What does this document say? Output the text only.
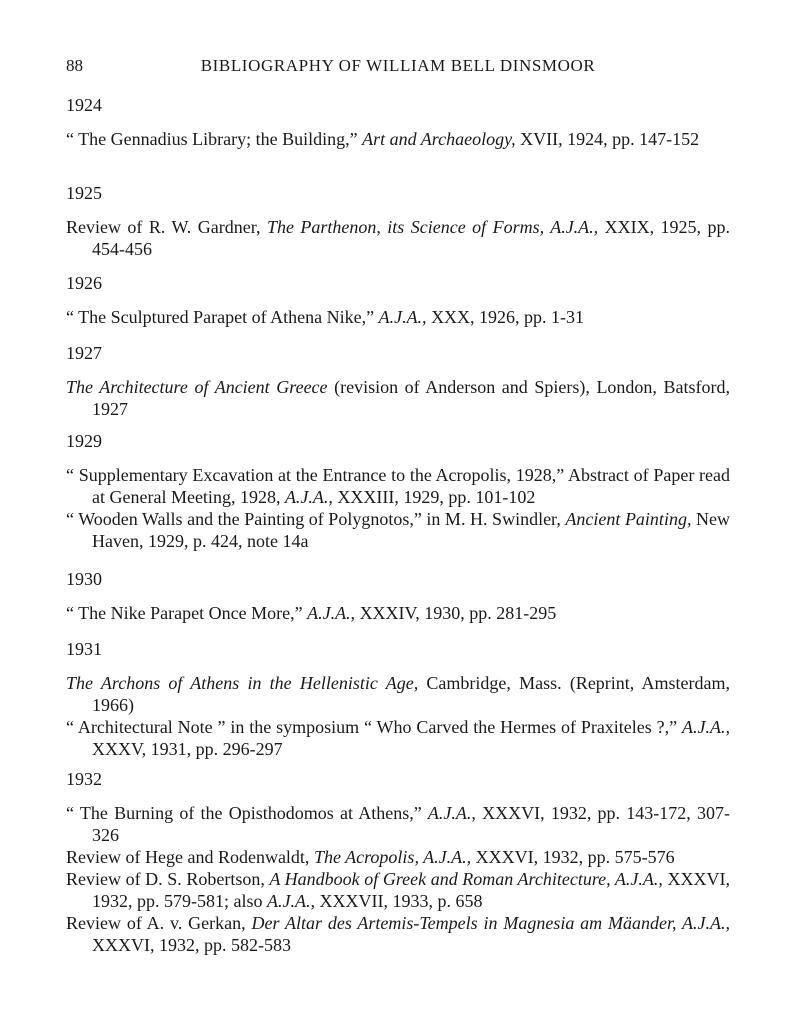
88	BIBLIOGRAPHY OF WILLIAM BELL DINSMOOR
1924
“ The Gennadius Library; the Building,” Art and Archaeology, XVII, 1924, pp. 147-152
1925
Review of R. W. Gardner, The Parthenon, its Science of Forms, A.J.A., XXIX, 1925, pp. 454-456
1926
“ The Sculptured Parapet of Athena Nike,” A.J.A., XXX, 1926, pp. 1-31
1927
The Architecture of Ancient Greece (revision of Anderson and Spiers), London, Batsford, 1927
1929
“ Supplementary Excavation at the Entrance to the Acropolis, 1928,” Abstract of Paper read at General Meeting, 1928, A.J.A., XXXIII, 1929, pp. 101-102
“ Wooden Walls and the Painting of Polygnotos,” in M. H. Swindler, Ancient Painting, New Haven, 1929, p. 424, note 14a
1930
“ The Nike Parapet Once More,” A.J.A., XXXIV, 1930, pp. 281-295
1931
The Archons of Athens in the Hellenistic Age, Cambridge, Mass. (Reprint, Amsterdam, 1966)
“ Architectural Note ” in the symposium “ Who Carved the Hermes of Praxiteles ?,” A.J.A., XXXV, 1931, pp. 296-297
1932
“ The Burning of the Opisthodomos at Athens,” A.J.A., XXXVI, 1932, pp. 143-172, 307-326
Review of Hege and Rodenwaldt, The Acropolis, A.J.A., XXXVI, 1932, pp. 575-576
Review of D. S. Robertson, A Handbook of Greek and Roman Architecture, A.J.A., XXXVI, 1932, pp. 579-581; also A.J.A., XXXVII, 1933, p. 658
Review of A. v. Gerkan, Der Altar des Artemis-Tempels in Magnesia am Mäander, A.J.A., XXXVI, 1932, pp. 582-583
